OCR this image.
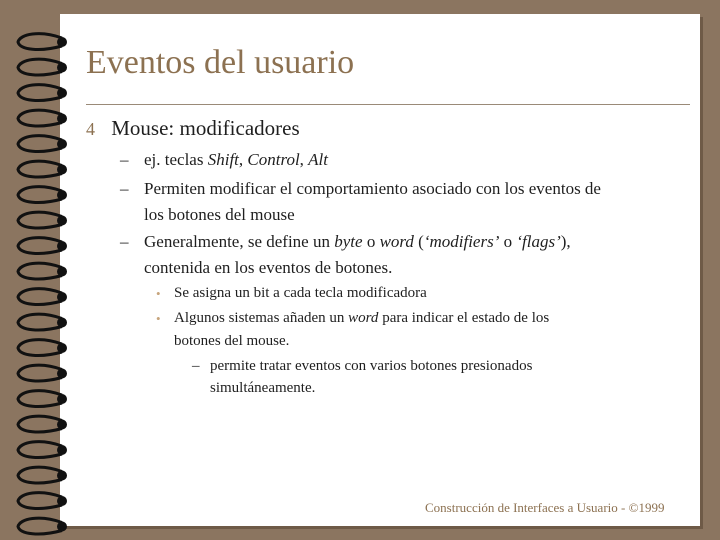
Eventos del usuario
4 Mouse: modificadores
– ej. teclas Shift, Control, Alt
– Permiten modificar el comportamiento asociado con los eventos de
los botones del mouse
– Generalmente, se define un byte o word (‘modifiers’ o ‘flags’),
contenida en los eventos de botones.
• Se asigna un bit a cada tecla modificadora
• Algunos sistemas añaden un word para indicar el estado de los
botones del mouse.
– permite tratar eventos con varios botones presionados
simultáneamente.
Construcción de Interfaces a Usuario - ©1999
